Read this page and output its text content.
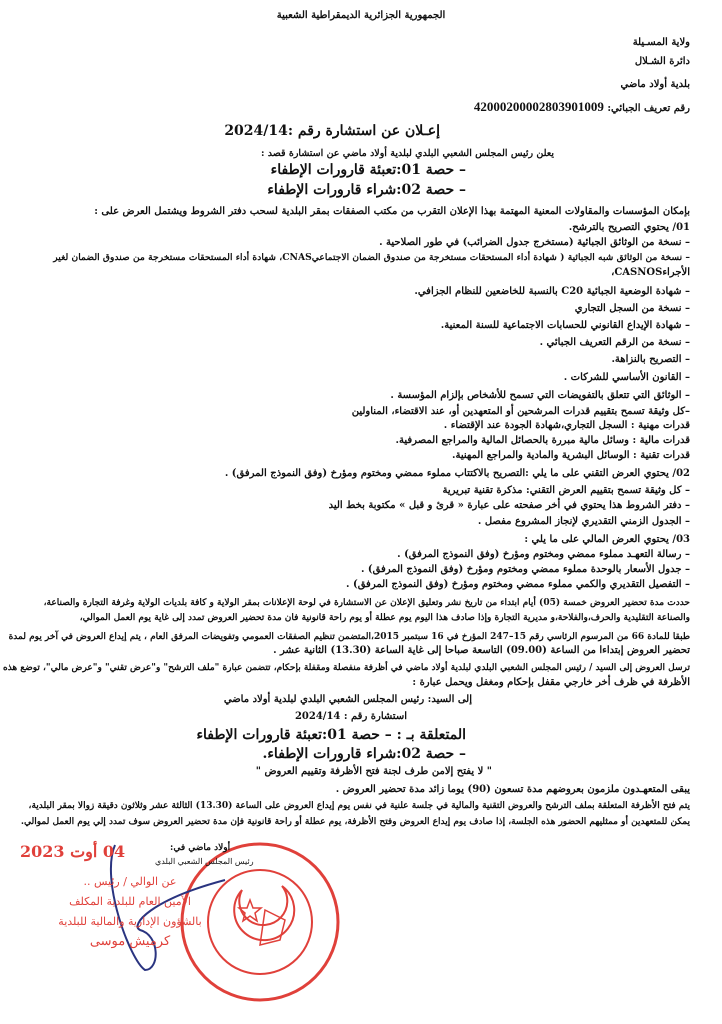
الجمهورية الجزائرية الديمقراطية الشعبية
ولاية المسـيلة
دائرة الشـلال
بلدية أولاد ماضي
رقم تعريف الجبائي: 4200020000280390​1009
إعـلان عن استشارة رقم :2024/14
يعلن رئيس المجلس الشعبي البلدي لبلدية أولاد ماضي عن استشارة قصد :
– حصة 01:تعبئة قارورات الإطفاء
– حصة 02:شراء قارورات الإطفاء
بإمكان المؤسسات والمقاولات المعنية المهتمة بهذا الإعلان التقرب من مكتب الصفقات بمقر البلدية لسحب دفتر الشروط ويشتمل العرض على :
01/ يحتوي التصريح بالترشح.
– نسخة من الوثائق الجبائية (مستخرج جدول الضرائب) في طور الصلاحية .
– نسخة من الوثائق شبه الجبائية ( شهادة أداء المستحقات مستخرجة من صندوق الضمان الاجتماعيCNAS، شهادة أداء المستحقات مستخرجة من صندوق الضمان لغير
الأجراءCASNOS،
– شهادة الوضعية الجبائية C20 بالنسبة للخاضعين للنظام الجزافي.
– نسخة من السجل التجاري
– شهادة الإيداع القانوني للحسابات الاجتماعية للسنة المعنية.
– نسخة من الرقم التعريف الجبائي .
– التصريح بالنزاهة.
– القانون الأساسي للشركات .
– الوثائق التي تتعلق بالتفويضات التي تسمح للأشخاص بإلزام المؤسسة .
–كل وثيقة تسمح بتقييم قدرات المرشحين أو المتعهدين أو، عند الاقتضاء، المناولين
قدرات مهنية : السجل التجاري،شهادة الجودة عند الإقتضاء .
قدرات مالية : وسائل مالية مبررة بالحصائل المالية والمراجع المصرفية.
قدرات تقنية : الوسائل البشرية والمادية والمراجع المهنية.
02/ يحتوي العرض التقني على ما يلي :التصريح بالاكتتاب مملوء ممضي ومختوم ومؤرخ (وفق النموذج المرفق) .
– كل وثيقة تسمح بتقييم العرض التقني: مذكرة تقنية تبريرية
– دفتر الشروط هذا يحتوي في أخر صفحته على عبارة « قرئ و قبل » مكتوبة بخط اليد
– الجدول الزمني التقديري لإنجاز المشروع مفصل .
03/ يحتوي العرض المالي على ما يلي :
– رسالة التعهـد مملوء ممضي ومختوم ومؤرخ (وفق النموذج المرفق) .
– جدول الأسعار بالوحدة مملوء ممضي ومختوم ومؤرخ (وفق النموذج المرفق) .
– التفصيل التقديري والكمي مملوء ممضي ومختوم ومؤرخ (وفق النموذج المرفق) .
حددت مدة تحضير العروض خمسة (05) أيام ابتداء من تاريخ نشر وتعليق الإعلان عن الاستشارة في لوحة الإعلانات بمقر الولاية و كافة بلديات الولاية وغرفة التجارة والصناعة،
والصناعة التقليدية والحرف،والفلاحة،و مديرية التجارة وإذا صادف هذا اليوم يوم عطلة أو يوم راحة قانونية فان مدة تحضير العروض تمدد إلى غاية يوم العمل الموالي،
طبقا للمادة 66 من المرسوم الرئاسي رقم 15–247 المؤرخ في 16 سبتمبر 2015،المتضمن تنظيم الصفقات العمومي وتفويضات المرفق العام ، يتم إيداع العروض في آخر يوم لمدة
تحضير العروض إبتداءا من الساعة (09.00) التاسعة صباحا إلى غاية الساعة (13.30) الثانية عشر .
ترسل العروض إلى السيد / رئيس المجلس الشعبي البلدي لبلدية أولاد ماضي في أظرفة منفصلة ومقفلة بإحكام، تتضمن عبارة "ملف الترشح" و"عرض تقني" و"عرض مالي"، توضع هذه
الأظرفة في ظرف أخر خارجي مقفل بإحكام ومغفل ويحمل عبارة :
إلى السيد: رئيس المجلس الشعبي البلدي لبلدية أولاد ماضي
استشارة رقم : 2024/14
المتعلقة بـ : – حصة 01:تعبئة قارورات الإطفاء
– حصة 02:شراء قارورات الإطفاء.
" لا يفتح إلامن طرف لجنة فتح الأظرفة وتقييم العروض "
يبقى المتعهـدون ملزمون بعروضهم مدة تسعون (90) يوما زائد مدة تحضير العروض .
يتم فتح الأظرفة المتعلقة بملف الترشح والعروض التقنية والمالية في جلسة علنية في نفس يوم إيداع العروض على الساعة (13.30) الثالثة عشر وثلاثون دقيقة زوالا بمقر البلدية،
يمكن للمتعهدين أو ممثليهم الحضور هذه الجلسة، إذا صادف يوم إيداع العروض وفتح الأظرفة، يوم عطلة أو راحة قانونية فإن مدة تحضير العروض سوف تمدد إلي يوم العمل لموالي.
04 أوت 2023	أولاد ماضي في:
رئيس المجلس الشعبي البلدي
عن الوالي / رئيس ..
الأمين العام للبلدية المكلف
بالشؤون الإدارية والمالية للبلدية
كرميش موسى
